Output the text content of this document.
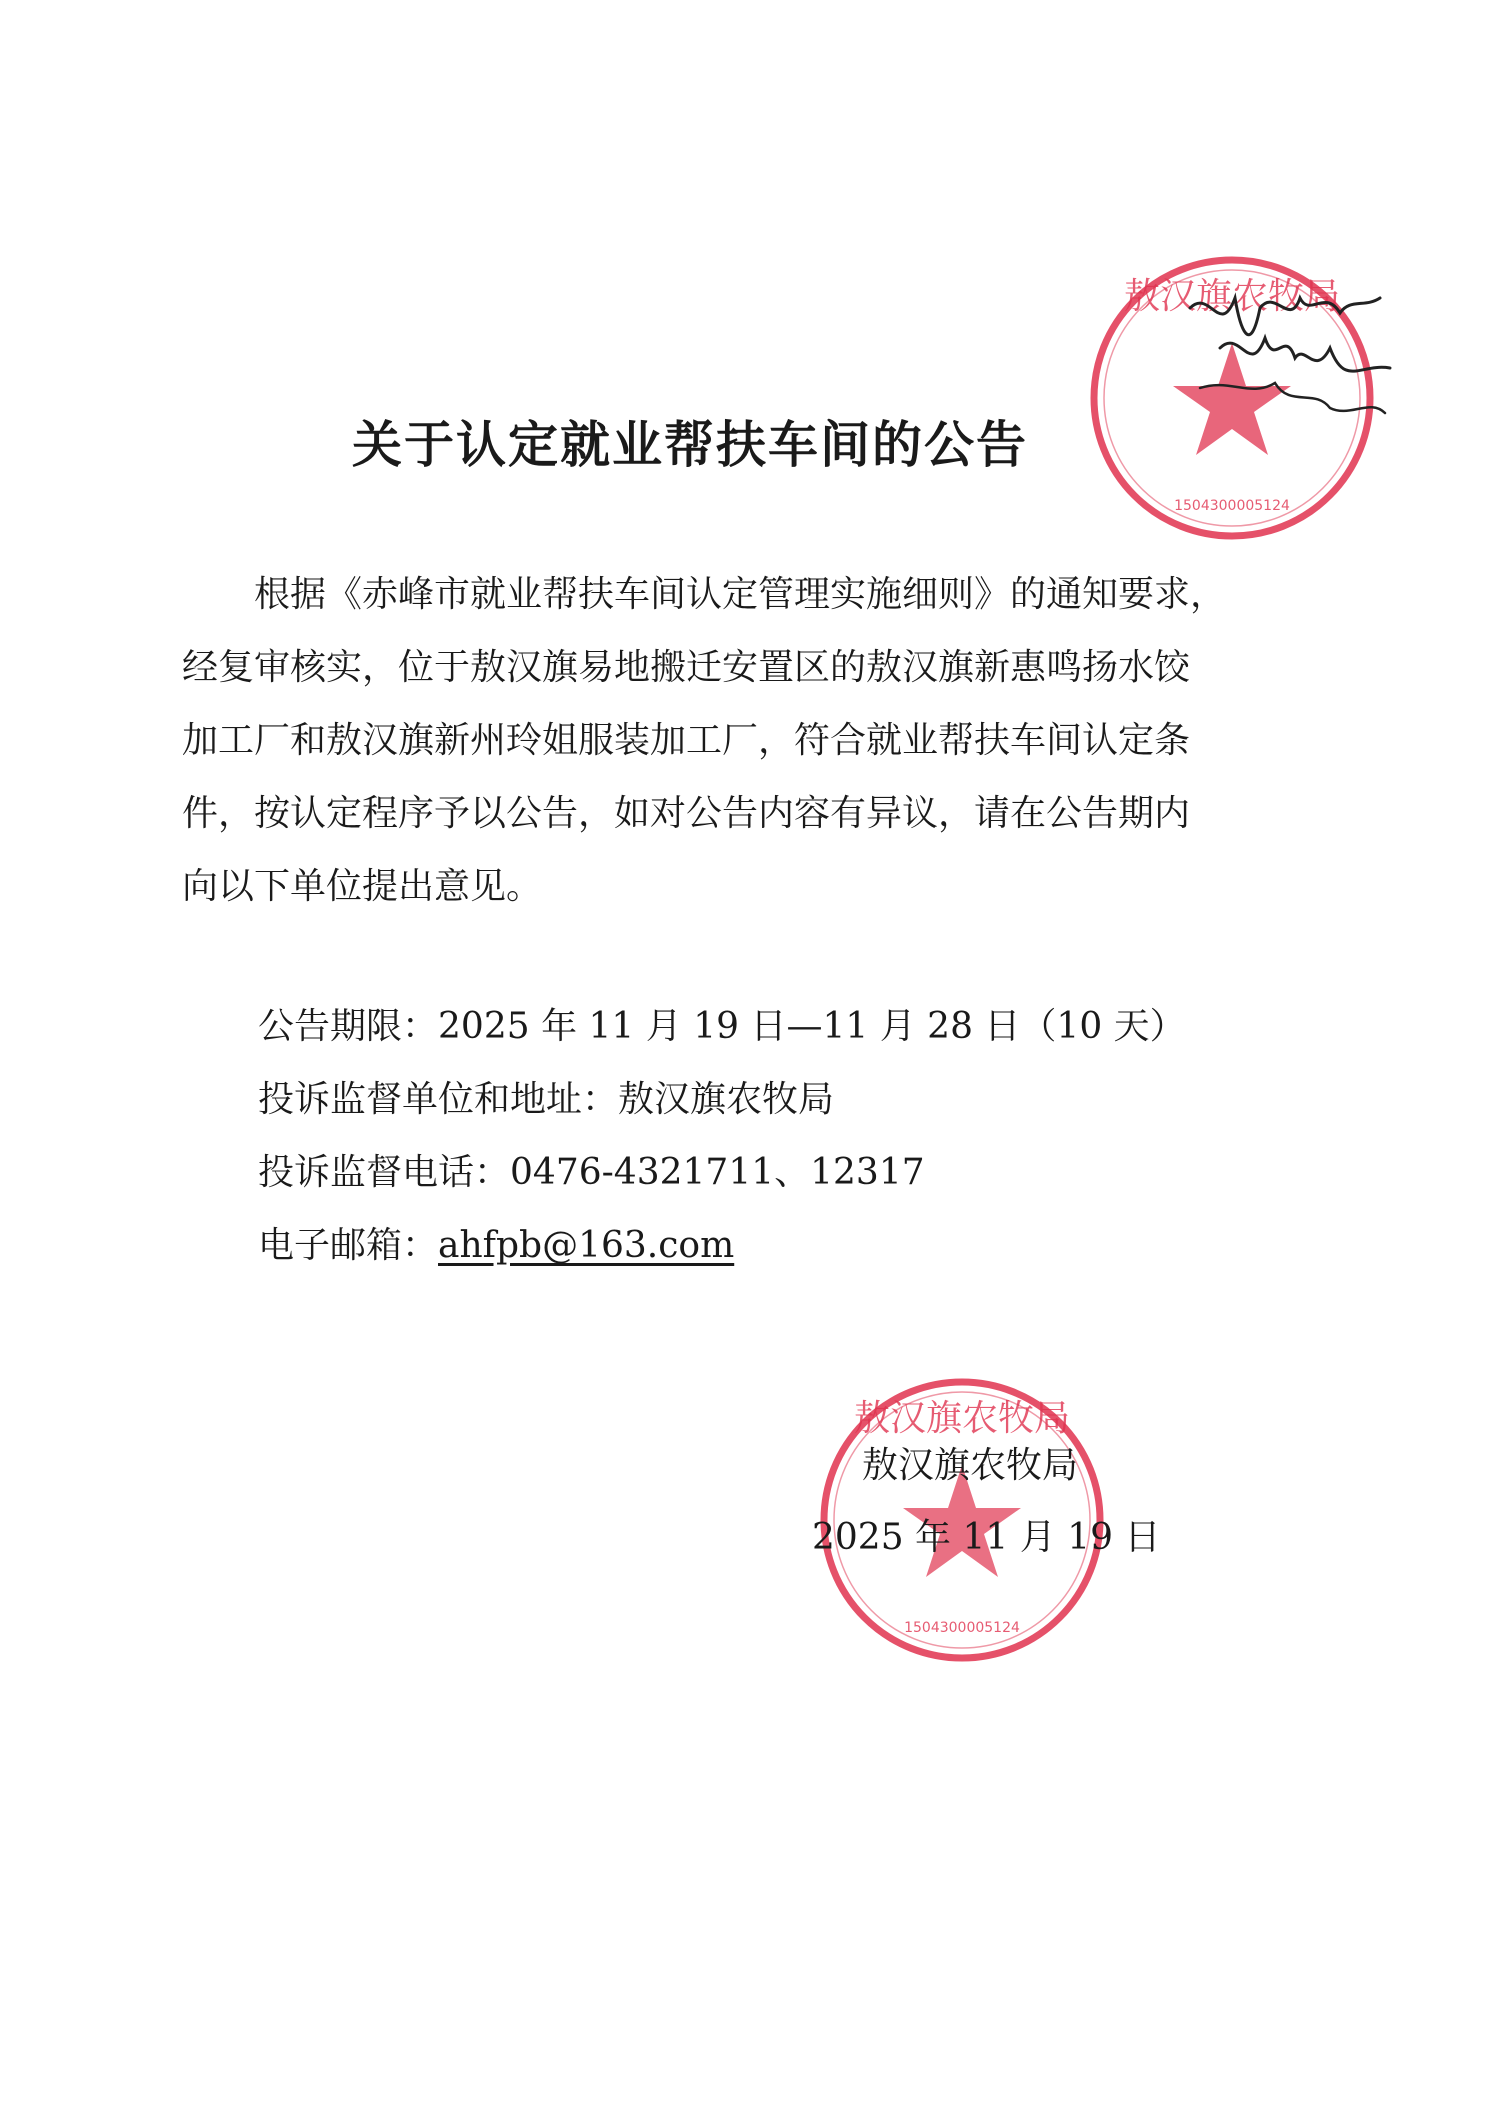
敖汉旗农牧局
1504300005124
关于认定就业帮扶车间的公告
　　根据《赤峰市就业帮扶车间认定管理实施细则》的通知要求，
经复审核实，位于敖汉旗易地搬迁安置区的敖汉旗新惠鸣扬水饺
加工厂和敖汉旗新州玲姐服装加工厂，符合就业帮扶车间认定条
件，按认定程序予以公告，如对公告内容有异议，请在公告期内
向以下单位提出意见。
公告期限：2025 年 11 月 19 日—11 月 28 日（10 天）
投诉监督单位和地址：敖汉旗农牧局
投诉监督电话：0476-4321711、12317
电子邮箱：ahfpb@163.com
敖汉旗农牧局
1504300005124
敖汉旗农牧局
2025 年 11 月 19 日
